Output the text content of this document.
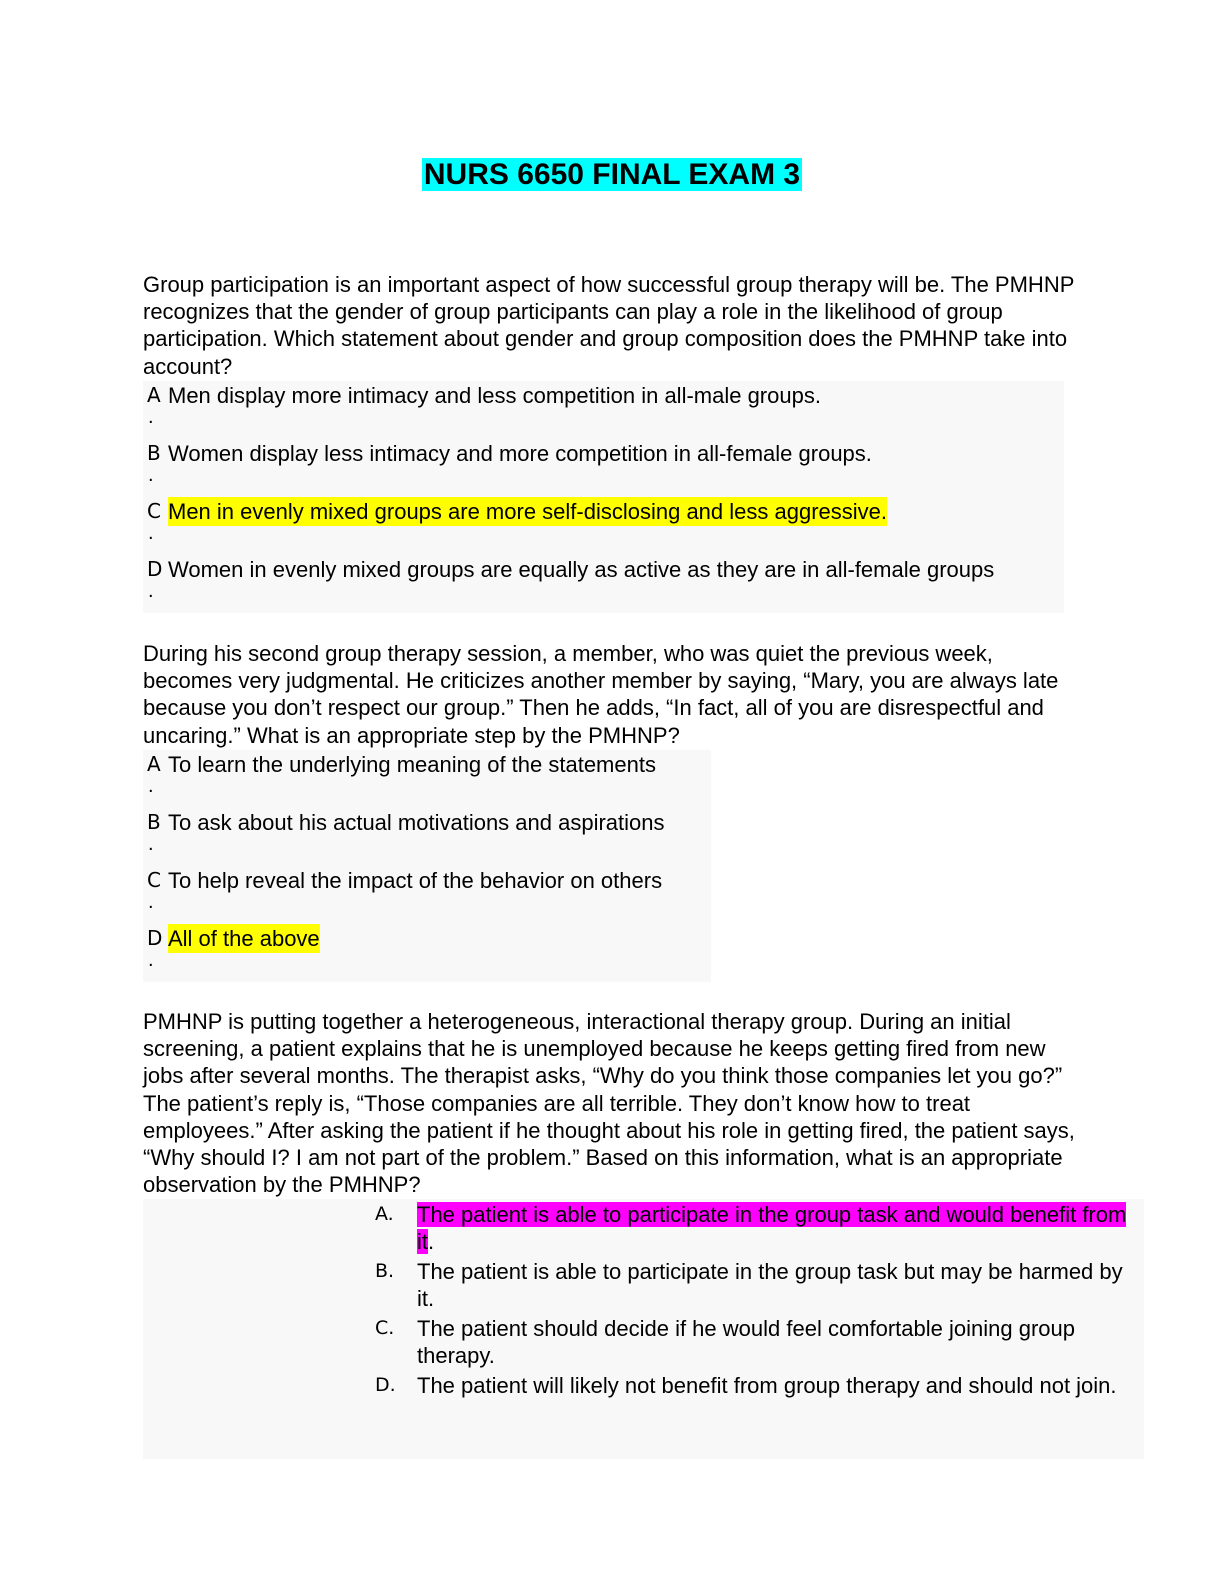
NURS 6650 FINAL EXAM 3
Group participation is an important aspect of how successful group therapy will be. The PMHNP recognizes that the gender of group participants can play a role in the likelihood of group participation. Which statement about gender and group composition does the PMHNP take into account?
A Men display more intimacy and less competition in all-male groups.
.
B Women display less intimacy and more competition in all-female groups.
.
C Men in evenly mixed groups are more self-disclosing and less aggressive.
.
D Women in evenly mixed groups are equally as active as they are in all-female groups
.
During his second group therapy session, a member, who was quiet the previous week, becomes very judgmental. He criticizes another member by saying, “Mary, you are always late because you don’t respect our group.” Then he adds, “In fact, all of you are disrespectful and uncaring.” What is an appropriate step by the PMHNP?
A To learn the underlying meaning of the statements
.
B To ask about his actual motivations and aspirations
.
C To help reveal the impact of the behavior on others
.
D All of the above
.
PMHNP is putting together a heterogeneous, interactional therapy group. During an initial screening, a patient explains that he is unemployed because he keeps getting fired from new jobs after several months. The therapist asks, “Why do you think those companies let you go?” The patient’s reply is, “Those companies are all terrible. They don’t know how to treat employees.” After asking the patient if he thought about his role in getting fired, the patient says, “Why should I? I am not part of the problem.” Based on this information, what is an appropriate observation by the PMHNP?
A. The patient is able to participate in the group task and would benefit from it.
B. The patient is able to participate in the group task but may be harmed by it.
C. The patient should decide if he would feel comfortable joining group therapy.
D. The patient will likely not benefit from group therapy and should not join.
